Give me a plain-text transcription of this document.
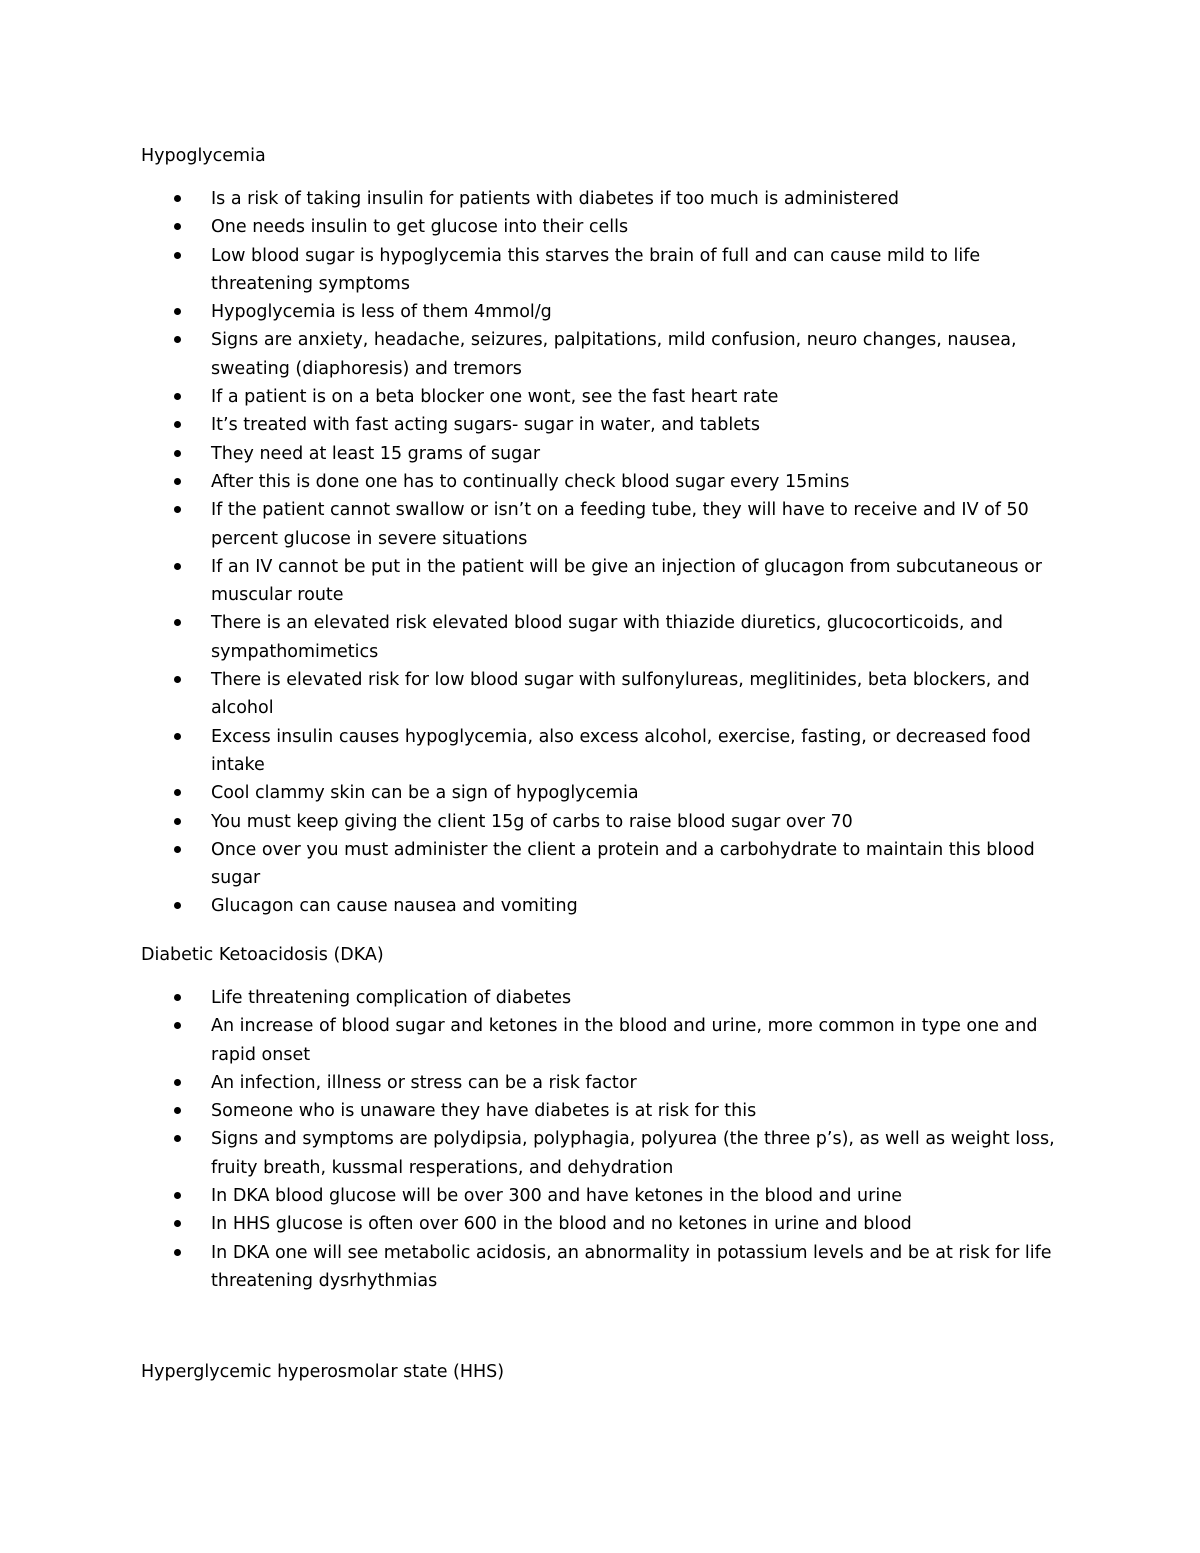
Hypoglycemia
Is a risk of taking insulin for patients with diabetes if too much is administered
One needs insulin to get glucose into their cells
Low blood sugar is hypoglycemia this starves the brain of full and can cause mild to life threatening symptoms
Hypoglycemia is less of them 4mmol/g
Signs are anxiety, headache, seizures, palpitations, mild confusion, neuro changes, nausea, sweating (diaphoresis) and tremors
If a patient is on a beta blocker one wont, see the fast heart rate
It’s treated with fast acting sugars- sugar in water, and tablets
They need at least 15 grams of sugar
After this is done one has to continually check blood sugar every 15mins
If the patient cannot swallow or isn’t on a feeding tube, they will have to receive and IV of 50 percent glucose in severe situations
If an IV cannot be put in the patient will be give an injection of glucagon from subcutaneous or muscular route
There is an elevated risk elevated blood sugar with thiazide diuretics, glucocorticoids, and sympathomimetics
There is elevated risk for low blood sugar with sulfonylureas, meglitinides, beta blockers, and alcohol
Excess insulin causes hypoglycemia, also excess alcohol, exercise, fasting, or decreased food intake
Cool clammy skin can be a sign of hypoglycemia
You must keep giving the client 15g of carbs to raise blood sugar over 70
Once over you must administer the client a protein and a carbohydrate to maintain this blood sugar
Glucagon can cause nausea and vomiting
Diabetic Ketoacidosis (DKA)
Life threatening complication of diabetes
An increase of blood sugar and ketones in the blood and urine, more common in type one and rapid onset
An infection, illness or stress can be a risk factor
Someone who is unaware they have diabetes is at risk for this
Signs and symptoms are polydipsia, polyphagia, polyurea (the three p’s), as well as weight loss, fruity breath, kussmal resperations, and dehydration
In DKA blood glucose will be over 300 and have ketones in the blood and urine
In HHS glucose is often over 600 in the blood and no ketones in urine and blood
In DKA one will see metabolic acidosis, an abnormality in potassium levels and be at risk for life threatening dysrhythmias
Hyperglycemic hyperosmolar state (HHS)
